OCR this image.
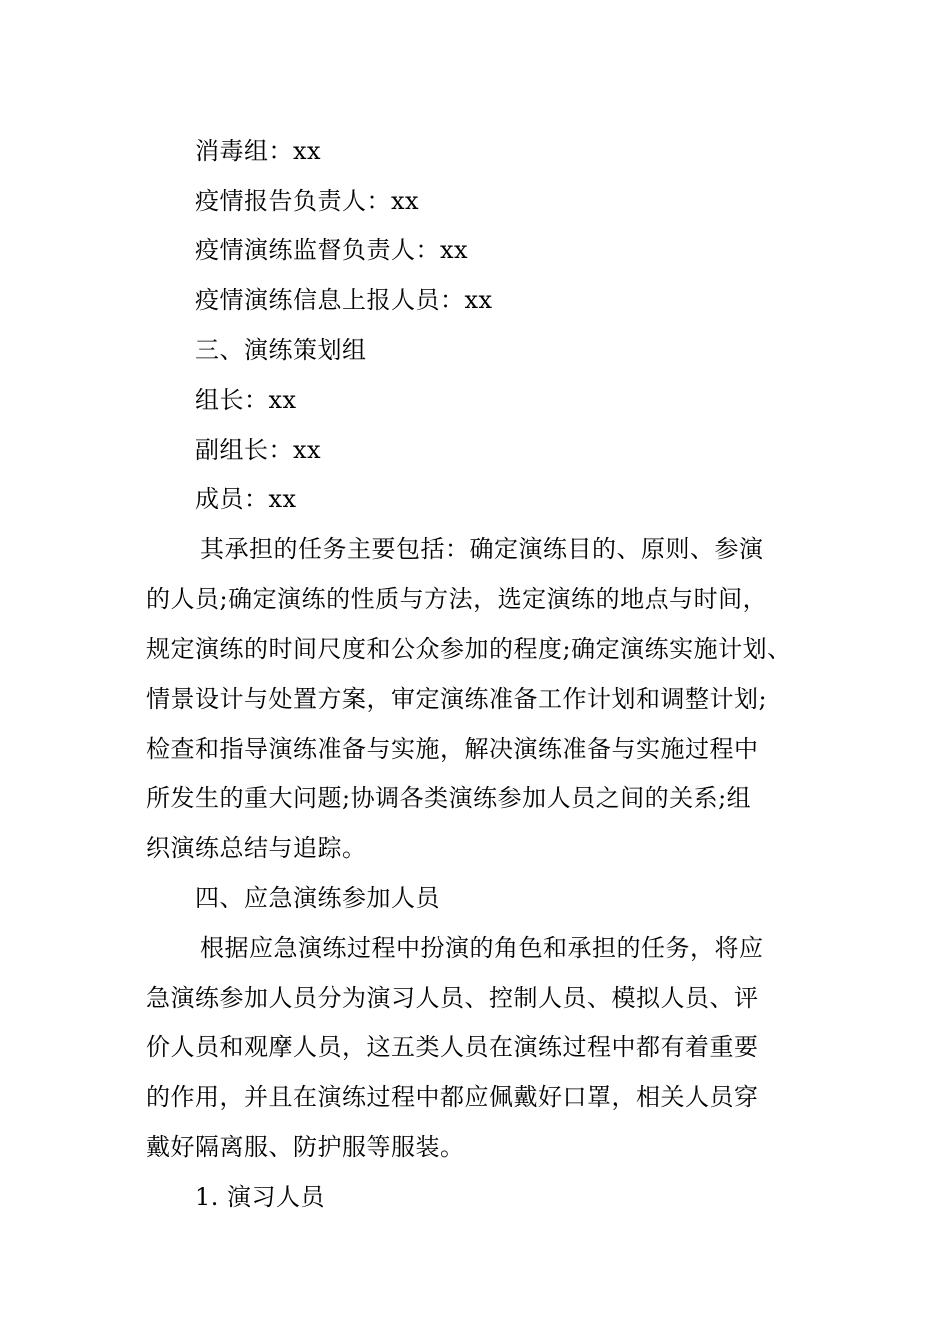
消毒组：xx
疫情报告负责人：xx
疫情演练监督负责人：xx
疫情演练信息上报人员：xx
三、演练策划组
组长：xx
副组长：xx
成员：xx
其承担的任务主要包括：确定演练目的、原则、参演
的人员;确定演练的性质与方法，选定演练的地点与时间，
规定演练的时间尺度和公众参加的程度;确定演练实施计划、
情景设计与处置方案，审定演练准备工作计划和调整计划;
检查和指导演练准备与实施，解决演练准备与实施过程中
所发生的重大问题;协调各类演练参加人员之间的关系;组
织演练总结与追踪。
四、应急演练参加人员
根据应急演练过程中扮演的角色和承担的任务，将应
急演练参加人员分为演习人员、控制人员、模拟人员、评
价人员和观摩人员，这五类人员在演练过程中都有着重要
的作用，并且在演练过程中都应佩戴好口罩，相关人员穿
戴好隔离服、防护服等服装。
1. 演习人员
